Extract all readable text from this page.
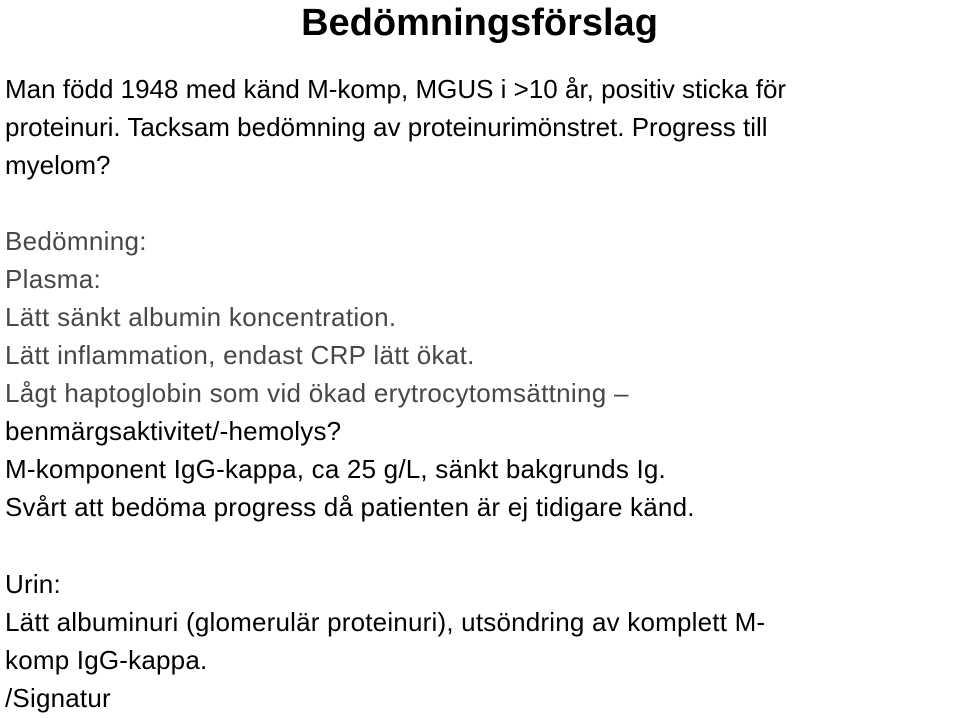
Bedömningsförslag
Man född 1948 med känd M-komp, MGUS i >10 år, positiv sticka för
proteinuri. Tacksam bedömning av proteinurimönstret. Progress till
myelom?
Bedömning:
Plasma:
Lätt sänkt albumin koncentration.
Lätt inflammation, endast CRP lätt ökat.
Lågt haptoglobin som vid ökad erytrocytomsättning –
benmärgsaktivitet/-hemolys?
M-komponent IgG-kappa, ca 25 g/L, sänkt bakgrunds Ig.
Svårt att bedöma progress då patienten är ej tidigare känd.
Urin:
Lätt albuminuri (glomerulär proteinuri), utsöndring av komplett M-
komp IgG-kappa.
/Signatur
